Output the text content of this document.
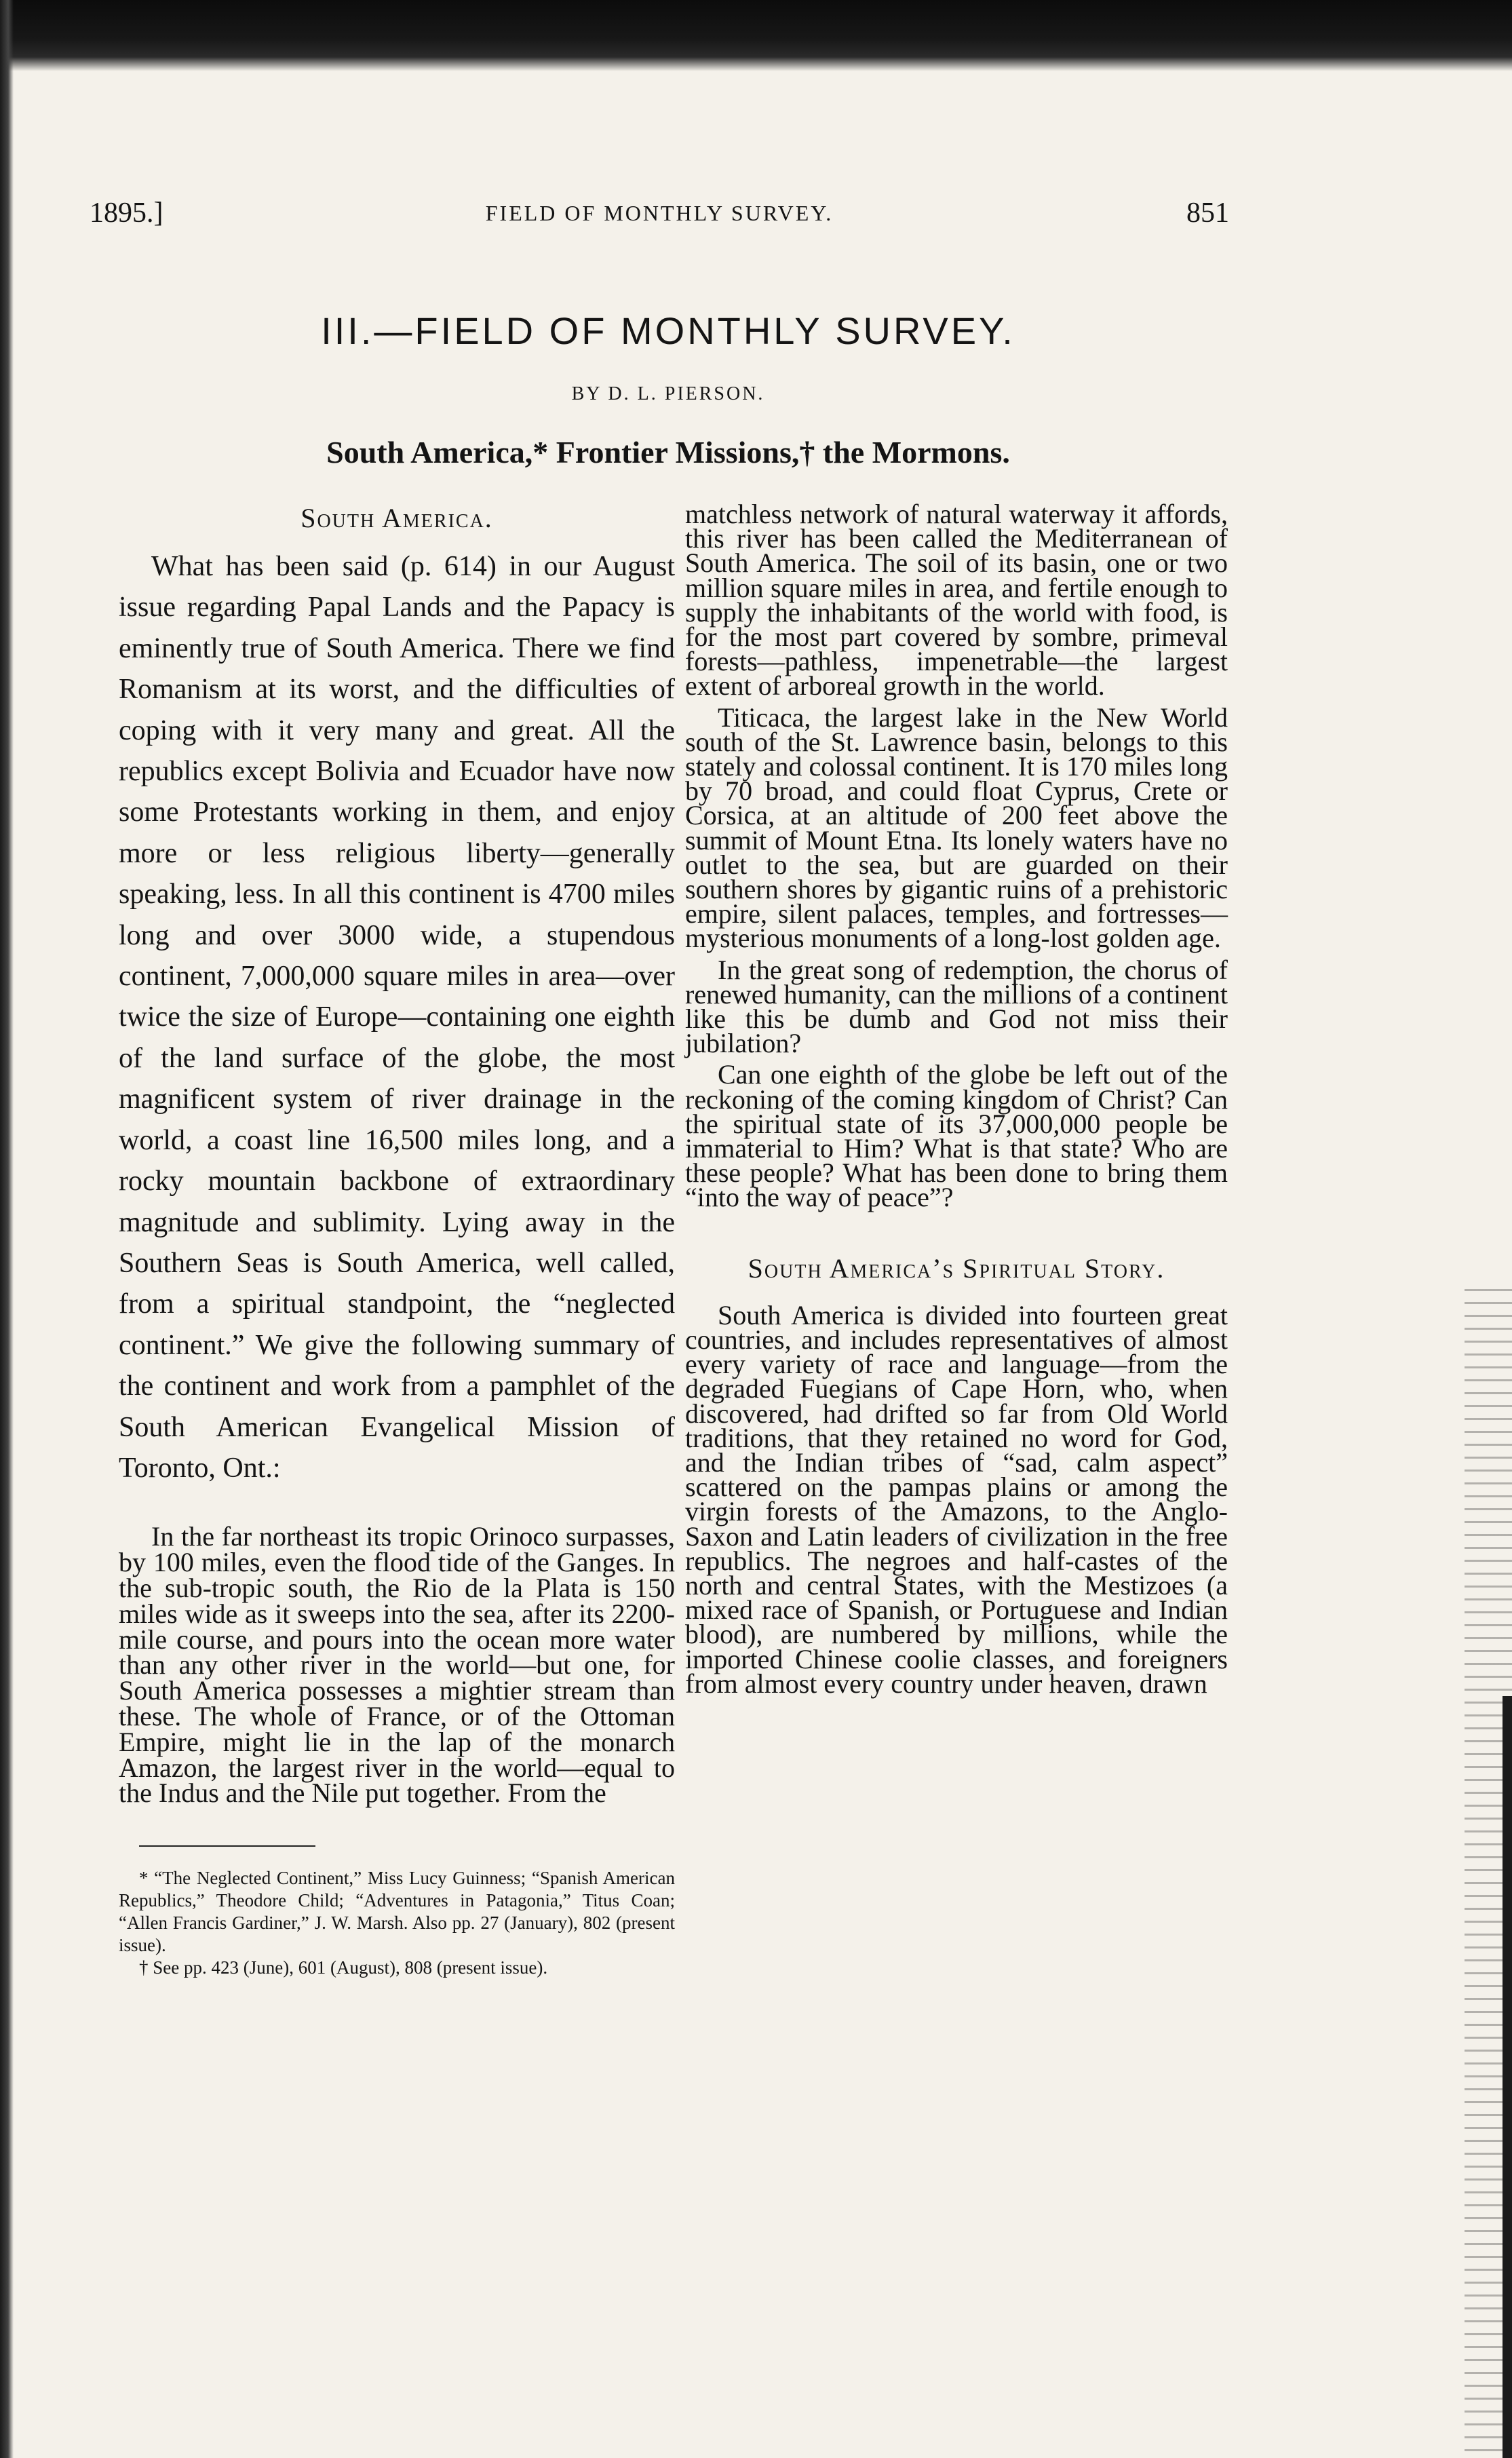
1895.]	FIELD OF MONTHLY SURVEY.	851
III.—FIELD OF MONTHLY SURVEY.
BY D. L. PIERSON.
South America,* Frontier Missions,† the Mormons.
South America.

What has been said (p. 614) in our August issue regarding Papal Lands and the Papacy is eminently true of South America. There we find Romanism at its worst, and the difficulties of coping with it very many and great. All the republics except Bolivia and Ecuador have now some Protestants working in them, and enjoy more or less religious liberty—generally speaking, less. In all this continent is 4700 miles long and over 3000 wide, a stupendous continent, 7,000,000 square miles in area—over twice the size of Europe—containing one eighth of the land surface of the globe, the most magnificent system of river drainage in the world, a coast line 16,500 miles long, and a rocky mountain backbone of extraordinary magnitude and sublimity. Lying away in the Southern Seas is South America, well called, from a spiritual standpoint, the “neglected continent.” We give the following summary of the continent and work from a pamphlet of the South American Evangelical Mission of Toronto, Ont.:

In the far northeast its tropic Orinoco surpasses, by 100 miles, even the flood tide of the Ganges. In the sub-tropic south, the Rio de la Plata is 150 miles wide as it sweeps into the sea, after its 2200-mile course, and pours into the ocean more water than any other river in the world—but one, for South America possesses a mightier stream than these. The whole of France, or of the Ottoman Empire, might lie in the lap of the monarch Amazon, the largest river in the world—equal to the Indus and the Nile put together. From the

* “The Neglected Continent,” Miss Lucy Guinness; “Spanish American Republics,” Theodore Child; “Adventures in Patagonia,” Titus Coan; “Allen Francis Gardiner,” J. W. Marsh. Also pp. 27 (January), 802 (present issue).

† See pp. 423 (June), 601 (August), 808 (present issue).

matchless network of natural waterway it affords, this river has been called the Mediterranean of South America. The soil of its basin, one or two million square miles in area, and fertile enough to supply the inhabitants of the world with food, is for the most part covered by sombre, primeval forests—pathless, impenetrable—the largest extent of arboreal growth in the world.

Titicaca, the largest lake in the New World south of the St. Lawrence basin, belongs to this stately and colossal continent. It is 170 miles long by 70 broad, and could float Cyprus, Crete or Corsica, at an altitude of 200 feet above the summit of Mount Etna. Its lonely waters have no outlet to the sea, but are guarded on their southern shores by gigantic ruins of a prehistoric empire, silent palaces, temples, and fortresses—mysterious monuments of a long-lost golden age.

In the great song of redemption, the chorus of renewed humanity, can the millions of a continent like this be dumb and God not miss their jubilation?

Can one eighth of the globe be left out of the reckoning of the coming kingdom of Christ? Can the spiritual state of its 37,000,000 people be immaterial to Him? What is that state? Who are these people? What has been done to bring them “into the way of peace”?

South America’s Spiritual Story.

South America is divided into fourteen great countries, and includes representatives of almost every variety of race and language—from the degraded Fuegians of Cape Horn, who, when discovered, had drifted so far from Old World traditions, that they retained no word for God, and the Indian tribes of “sad, calm aspect” scattered on the pampas plains or among the virgin forests of the Amazons, to the Anglo-Saxon and Latin leaders of civilization in the free republics. The negroes and half-castes of the north and central States, with the Mestizoes (a mixed race of Spanish, or Portuguese and Indian blood), are numbered by millions, while the imported Chinese coolie classes, and foreigners from almost every country under heaven, drawn
